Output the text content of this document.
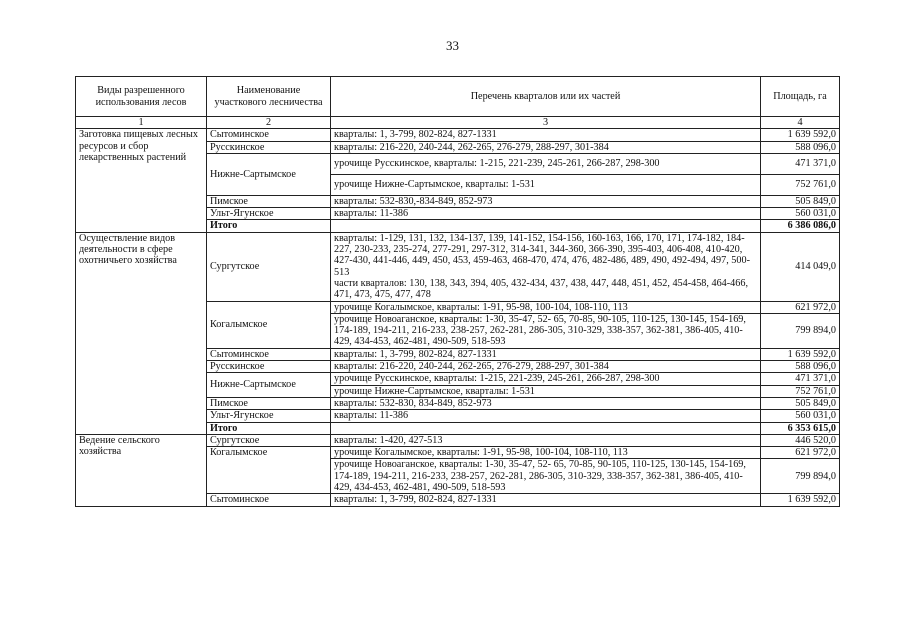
33
Виды разрешенного использования лесов	Наименование участкового лесничества	Перечень кварталов или их частей	Площадь, га
1	2	3	4
Заготовка пищевых лесных ресурсов и сбор лекарственных растений	Сытоминское	кварталы: 1, 3-799, 802-824, 827-1331	1 639 592,0
	Русскинское	кварталы: 216-220, 240-244, 262-265, 276-279, 288-297, 301-384	588 096,0
	Нижне-Сартымское	урочище Русскинское, кварталы: 1-215, 221-239, 245-261, 266-287, 298-300	471 371,0
		урочище Нижне-Сартымское, кварталы: 1-531	752 761,0
	Пимское	кварталы: 532-830,-834-849, 852-973	505 849,0
	Ульт-Ягунское	кварталы: 11-386	560 031,0
	Итого		6 386 086,0
Осуществление видов деятельности в сфере охотничьего хозяйства	Сургутское	кварталы: 1-129, 131, 132, 134-137, 139, 141-152, 154-156, 160-163, 166, 170, 171, 174-182, 184-227, 230-233, 235-274, 277-291, 297-312, 314-341, 344-360, 366-390, 395-403, 406-408, 410-420, 427-430, 441-446, 449, 450, 453, 459-463, 468-470, 474, 476, 482-486, 489, 490, 492-494, 497, 500-513
части кварталов: 130, 138, 343, 394, 405, 432-434, 437, 438, 447, 448, 451, 452, 454-458, 464-466, 471, 473, 475, 477, 478	414 049,0
	Когалымское	урочище Когалымское, кварталы: 1-91, 95-98, 100-104, 108-110, 113	621 972,0
		урочище Новоаганское, кварталы: 1-30, 35-47, 52- 65, 70-85, 90-105, 110-125, 130-145, 154-169, 174-189, 194-211, 216-233, 238-257, 262-281, 286-305, 310-329, 338-357, 362-381, 386-405, 410-429, 434-453, 462-481, 490-509, 518-593	799 894,0
	Сытоминское	кварталы: 1, 3-799, 802-824, 827-1331	1 639 592,0
	Русскинское	кварталы: 216-220, 240-244, 262-265, 276-279, 288-297, 301-384	588 096,0
	Нижне-Сартымское	урочище Русскинское, кварталы: 1-215, 221-239, 245-261, 266-287, 298-300	471 371,0
		урочище Нижне-Сартымское, кварталы: 1-531	752 761,0
	Пимское	кварталы: 532-830, 834-849, 852-973	505 849,0
	Ульт-Ягунское	кварталы: 11-386	560 031,0
	Итого		6 353 615,0
Ведение сельского хозяйства	Сургутское	кварталы: 1-420, 427-513	446 520,0
	Когалымское	урочище Когалымское, кварталы: 1-91, 95-98, 100-104, 108-110, 113	621 972,0
		урочище Новоаганское, кварталы: 1-30, 35-47, 52- 65, 70-85, 90-105, 110-125, 130-145, 154-169, 174-189, 194-211, 216-233, 238-257, 262-281, 286-305, 310-329, 338-357, 362-381, 386-405, 410-429, 434-453, 462-481, 490-509, 518-593	799 894,0
	Сытоминское	кварталы: 1, 3-799, 802-824, 827-1331	1 639 592,0
